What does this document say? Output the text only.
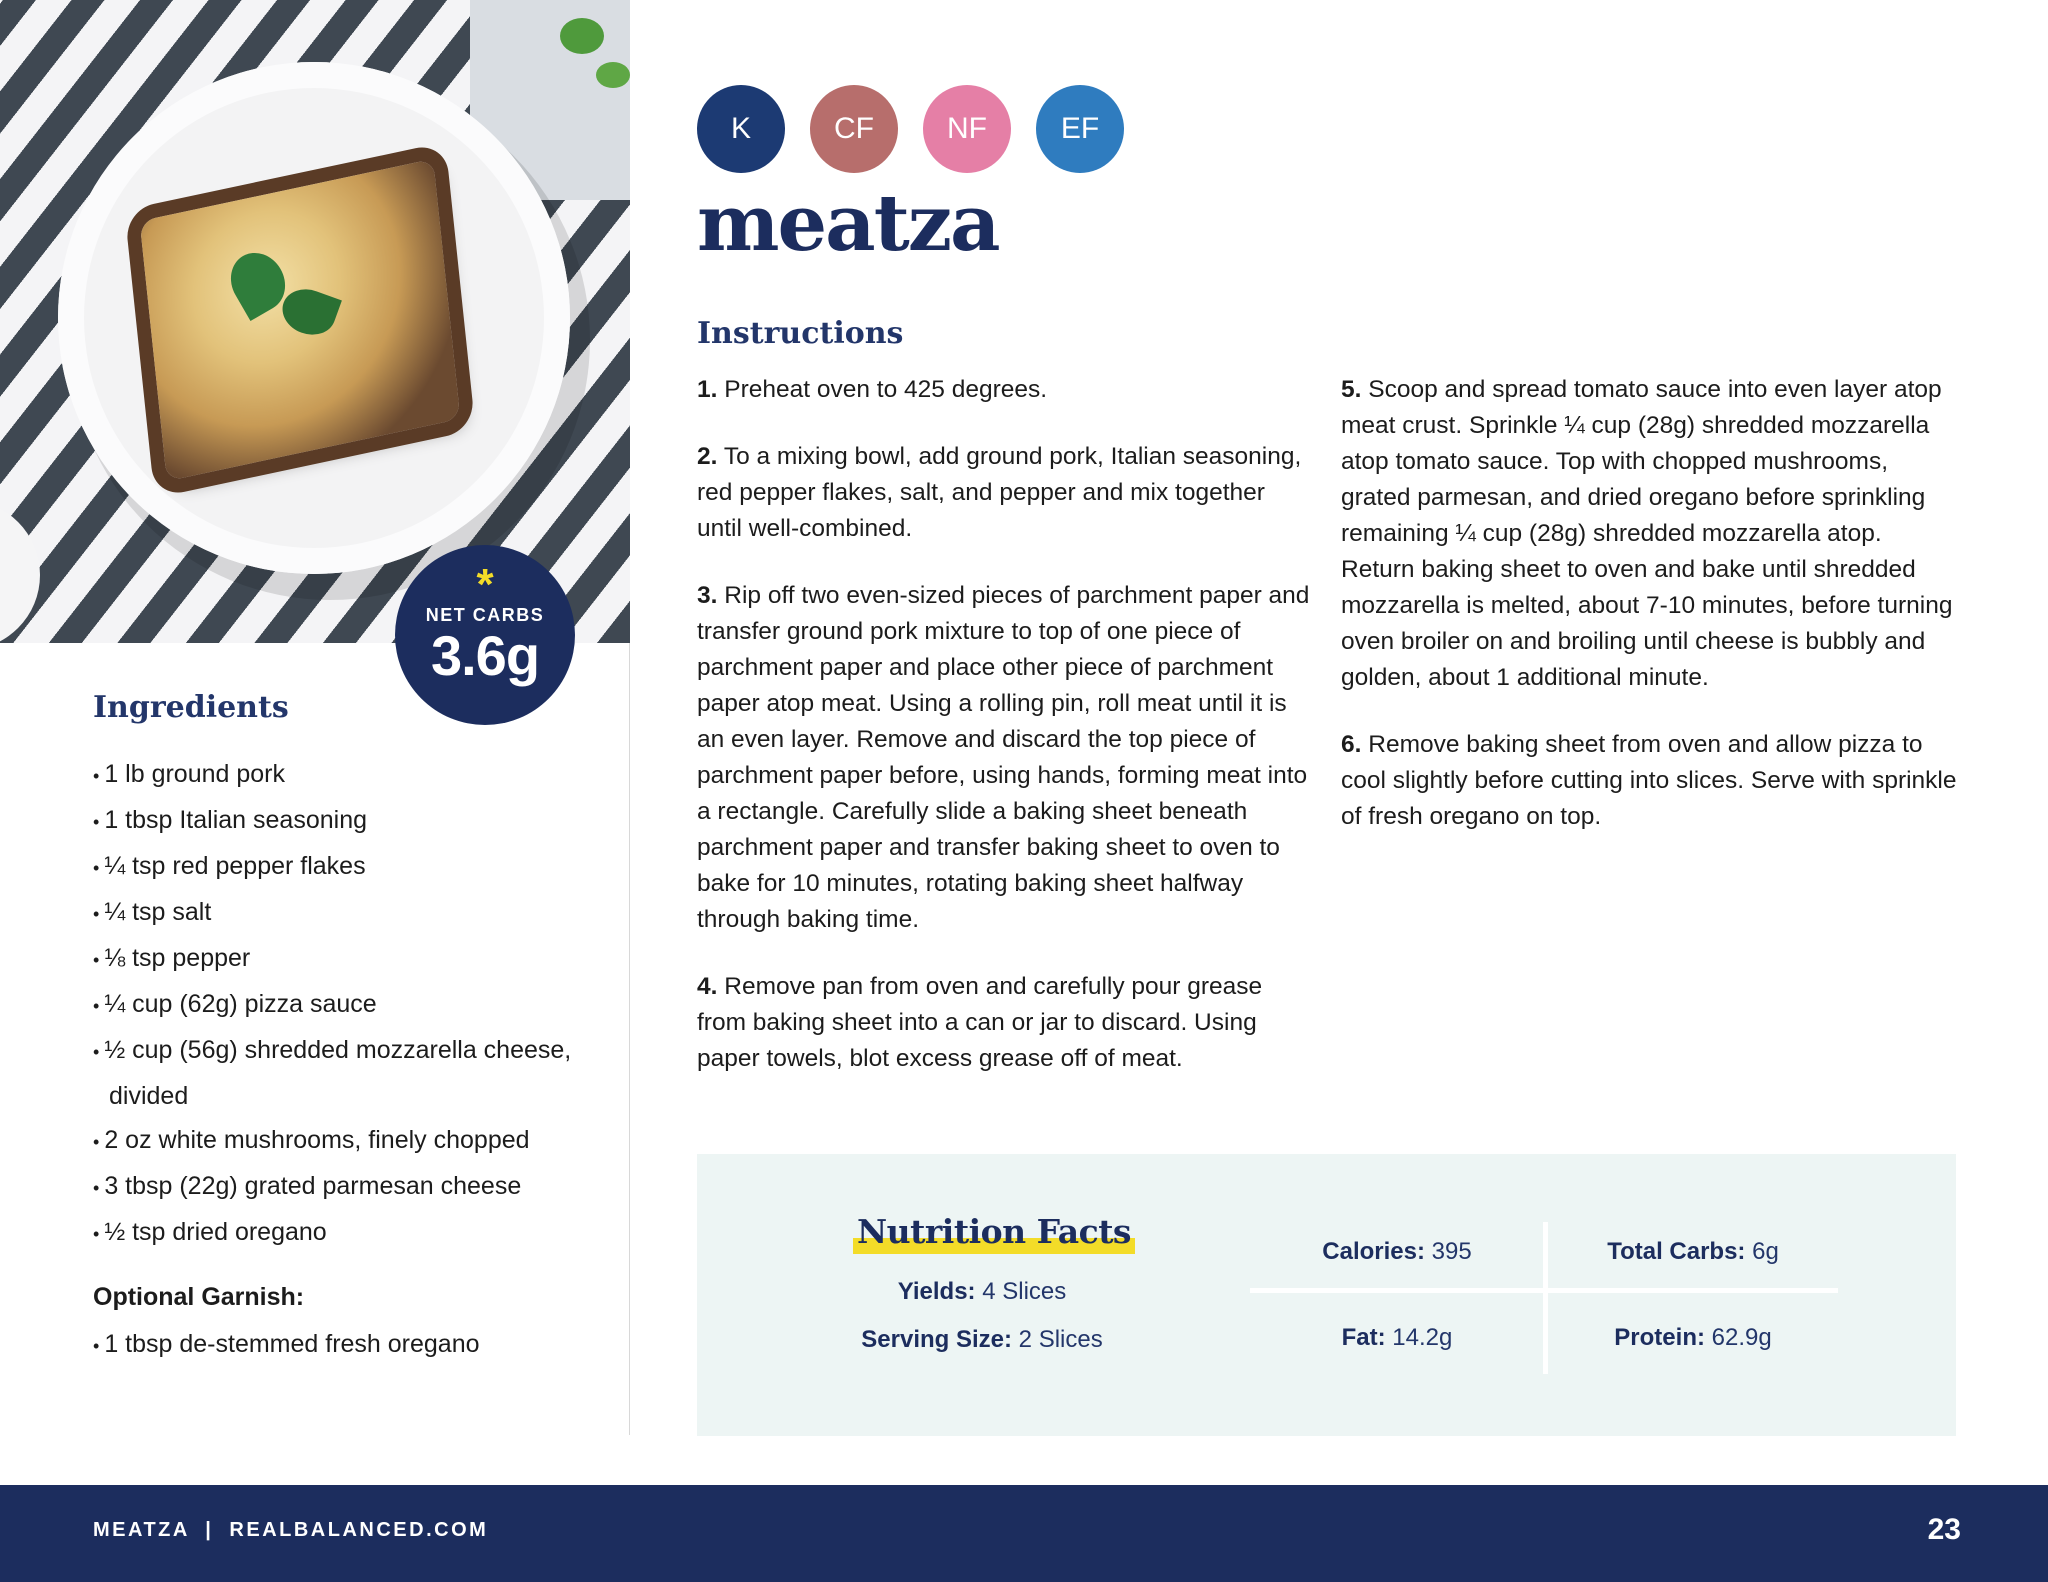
*
NET CARBS
3.6g
Ingredients
• 1 lb ground pork
• 1 tbsp Italian seasoning
• ¼ tsp red pepper flakes
• ¼ tsp salt
• ⅛ tsp pepper
• ¼ cup (62g) pizza sauce
• ½ cup (56g) shredded mozzarella cheese, divided
• 2 oz white mushrooms, finely chopped
• 3 tbsp (22g) grated parmesan cheese
• ½ tsp dried oregano

Optional Garnish:

• 1 tbsp de-stemmed fresh oregano
K	CF	NF	EF
meatza
Instructions

1. Preheat oven to 425 degrees.

2. To a mixing bowl, add ground pork, Italian seasoning, red pepper flakes, salt, and pepper and mix together until well-combined.

3. Rip off two even-sized pieces of parchment paper and transfer ground pork mixture to top of one piece of parchment paper and place other piece of parchment paper atop meat. Using a rolling pin, roll meat until it is an even layer. Remove and discard the top piece of parchment paper before, using hands, forming meat into a rectangle. Carefully slide a baking sheet beneath parchment paper and transfer baking sheet to oven to bake for 10 minutes, rotating baking sheet halfway through baking time.

4. Remove pan from oven and carefully pour grease from baking sheet into a can or jar to discard. Using paper towels, blot excess grease off of meat.

5. Scoop and spread tomato sauce into even layer atop meat crust. Sprinkle ¼ cup (28g) shredded mozzarella atop tomato sauce. Top with chopped mushrooms, grated parmesan, and dried oregano before sprinkling remaining ¼ cup (28g) shredded mozzarella atop. Return baking sheet to oven and bake until shredded mozzarella is melted, about 7-10 minutes, before turning oven broiler on and broiling until cheese is bubbly and golden, about 1 additional minute.

6. Remove baking sheet from oven and allow pizza to cool slightly before cutting into slices. Serve with sprinkle of fresh oregano on top.

Nutrition Facts
Yields: 4 Slices
Serving Size: 2 Slices
Calories: 395	Total Carbs: 6g
Fat: 14.2g	Protein: 62.9g
MEATZA  |  REALBALANCED.COM	23
